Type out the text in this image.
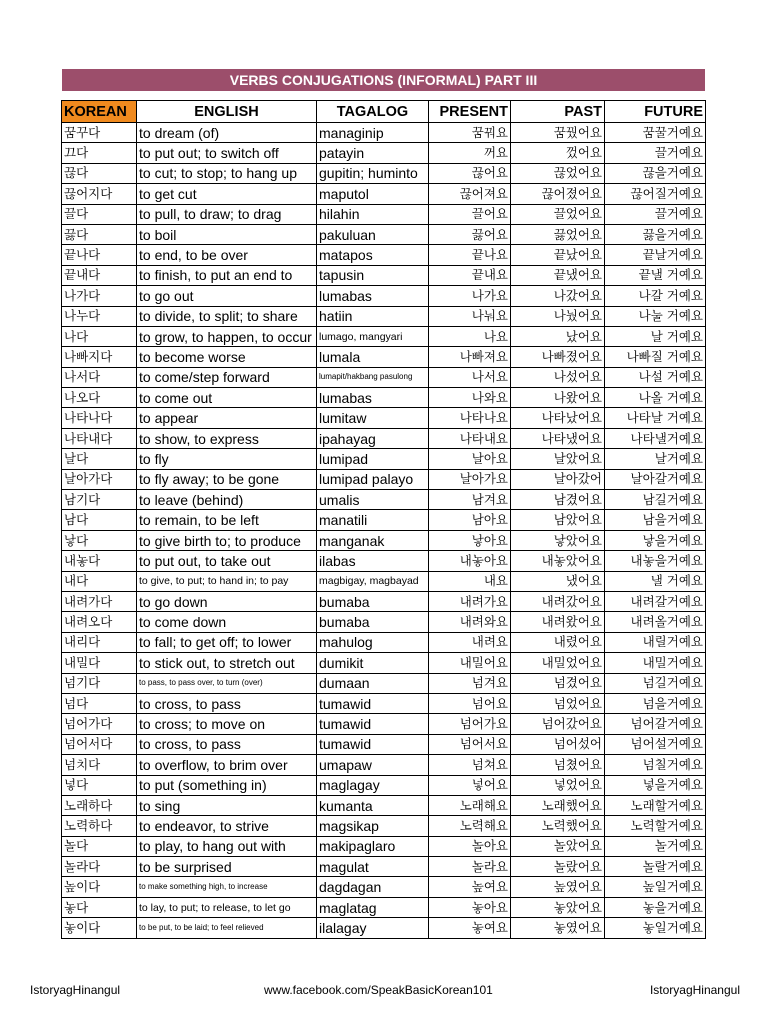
VERBS CONJUGATIONS (INFORMAL) PART III
KOREAN	ENGLISH	TAGALOG	PRESENT	PAST	FUTURE
꿈꾸다	to dream (of)	managinip	꿈꿔요	꿈꿨어요	꿈꿀거예요
끄다	to put out; to switch off	patayin	꺼요	껐어요	끌거예요
끊다	to cut; to stop; to hang up	gupitin; huminto	끊어요	끊었어요	끊을거예요
끊어지다	to get cut	maputol	끊어져요	끊어졌어요	끊어질거예요
끌다	to pull, to draw; to drag	hilahin	끌어요	끌었어요	끌거예요
끓다	to boil	pakuluan	끓어요	끓었어요	끓을거예요
끝나다	to end, to be over	matapos	끝나요	끝났어요	끝날거예요
끝내다	to finish, to put an end to	tapusin	끝내요	끝냈어요	끝낼 거예요
나가다	to go out	lumabas	나가요	나갔어요	나갈 거예요
나누다	to divide, to split; to share	hatiin	나눠요	나눴어요	나눌 거예요
나다	to grow, to happen, to occur	lumago, mangyari	나요	났어요	날 거예요
나빠지다	to become worse	lumala	나빠져요	나빠졌어요	나빠질 거예요
나서다	to come/step forward	lumapit/hakbang pasulong	나서요	나섰어요	나설 거예요
나오다	to come out	lumabas	나와요	나왔어요	나올 거예요
나타나다	to appear	lumitaw	나타나요	나타났어요	나타날 거예요
나타내다	to show, to express	ipahayag	나타내요	나타냈어요	나타낼거예요
날다	to fly	lumipad	날아요	날았어요	날거예요
날아가다	to fly away; to be gone	lumipad palayo	날아가요	날아갔어	날아갈거예요
남기다	to leave (behind)	umalis	남겨요	남겼어요	남길거예요
남다	to remain, to be left	manatili	남아요	남았어요	남을거예요
낳다	to give birth to; to produce	manganak	낳아요	낳았어요	낳을거예요
내놓다	to put out, to take out	ilabas	내놓아요	내놓았어요	내놓을거예요
내다	to give, to put; to hand in; to pay	magbigay, magbayad	내요	냈어요	낼 거예요
내려가다	to go down	bumaba	내려가요	내려갔어요	내려갈거예요
내려오다	to come down	bumaba	내려와요	내려왔어요	내려올거예요
내리다	to fall; to get off; to lower	mahulog	내려요	내렸어요	내릴거예요
내밀다	to stick out, to stretch out	dumikit	내밀어요	내밀었어요	내밀거예요
넘기다	to pass, to pass over, to turn (over)	dumaan	넘겨요	넘겼어요	넘길거예요
넘다	to cross, to pass	tumawid	넘어요	넘었어요	넘을거예요
넘어가다	to cross; to move on	tumawid	넘어가요	넘어갔어요	넘어갈거예요
넘어서다	to cross, to pass	tumawid	넘어서요	넘어섰어	넘어설거예요
넘치다	to overflow, to brim over	umapaw	넘쳐요	넘쳤어요	넘칠거예요
넣다	to put (something in)	maglagay	넣어요	넣었어요	넣을거예요
노래하다	to sing	kumanta	노래해요	노래했어요	노래할거예요
노력하다	to endeavor, to strive	magsikap	노력해요	노력했어요	노력할거예요
놀다	to play, to hang out with	makipaglaro	놀아요	놀았어요	놀거예요
놀라다	to be surprised	magulat	놀라요	놀랐어요	놀랄거예요
높이다	to make something high, to increase	dagdagan	높여요	높였어요	높일거예요
놓다	to lay, to put; to release, to let go	maglatag	놓아요	놓았어요	놓을거예요
놓이다	to be put, to be laid; to feel relieved	ilalagay	놓여요	놓였어요	놓일거예요
IstoryagHinangul	www.facebook.com/SpeakBasicKorean101	IstoryagHinangul
